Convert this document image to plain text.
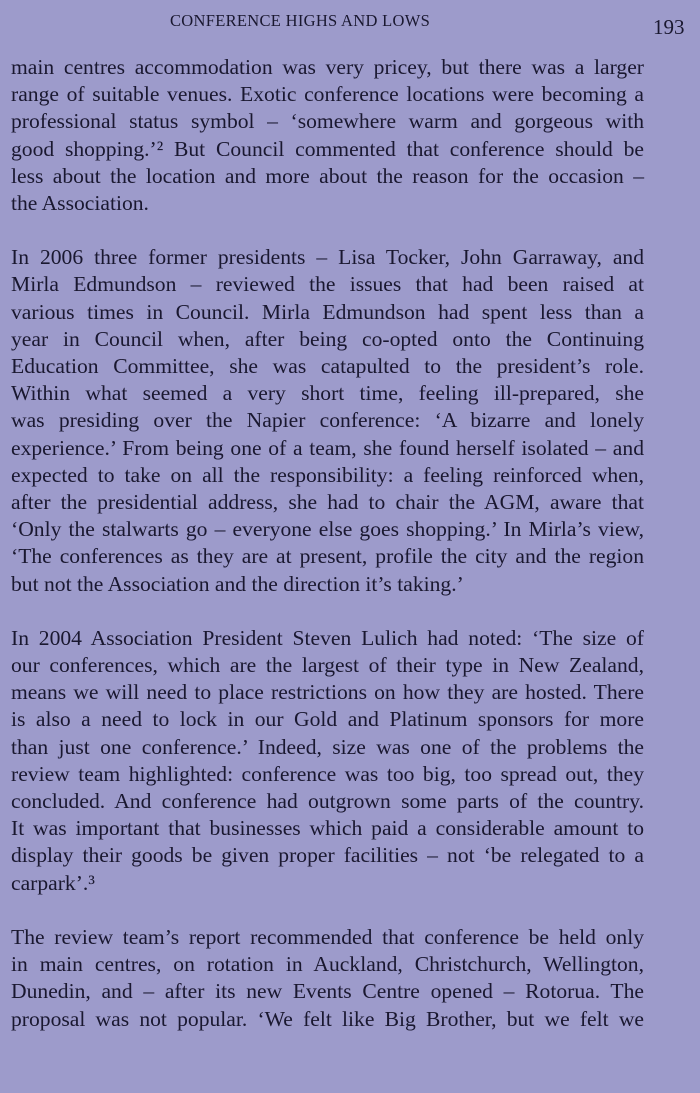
CONFERENCE HIGHS AND LOWS	193

main centres accommodation was very pricey, but there was a larger
range of suitable venues. Exotic conference locations were becoming a
professional status symbol – ‘somewhere warm and gorgeous with
good shopping.’² But Council commented that conference should be
less about the location and more about the reason for the occasion –
the Association.

In 2006 three former presidents – Lisa Tocker, John Garraway, and
Mirla Edmundson – reviewed the issues that had been raised at
various times in Council. Mirla Edmundson had spent less than a
year in Council when, after being co-opted onto the Continuing
Education Committee, she was catapulted to the president’s role.
Within what seemed a very short time, feeling ill-prepared, she
was presiding over the Napier conference: ‘A bizarre and lonely
experience.’ From being one of a team, she found herself isolated – and
expected to take on all the responsibility: a feeling reinforced when,
after the presidential address, she had to chair the AGM, aware that
‘Only the stalwarts go – everyone else goes shopping.’ In Mirla’s view,
‘The conferences as they are at present, profile the city and the region
but not the Association and the direction it’s taking.’

In 2004 Association President Steven Lulich had noted: ‘The size of
our conferences, which are the largest of their type in New Zealand,
means we will need to place restrictions on how they are hosted. There
is also a need to lock in our Gold and Platinum sponsors for more
than just one conference.’ Indeed, size was one of the problems the
review team highlighted: conference was too big, too spread out, they
concluded. And conference had outgrown some parts of the country.
It was important that businesses which paid a considerable amount to
display their goods be given proper facilities – not ‘be relegated to a
carpark’.³

The review team’s report recommended that conference be held only
in main centres, on rotation in Auckland, Christchurch, Wellington,
Dunedin, and – after its new Events Centre opened – Rotorua. The
proposal was not popular. ‘We felt like Big Brother, but we felt we
